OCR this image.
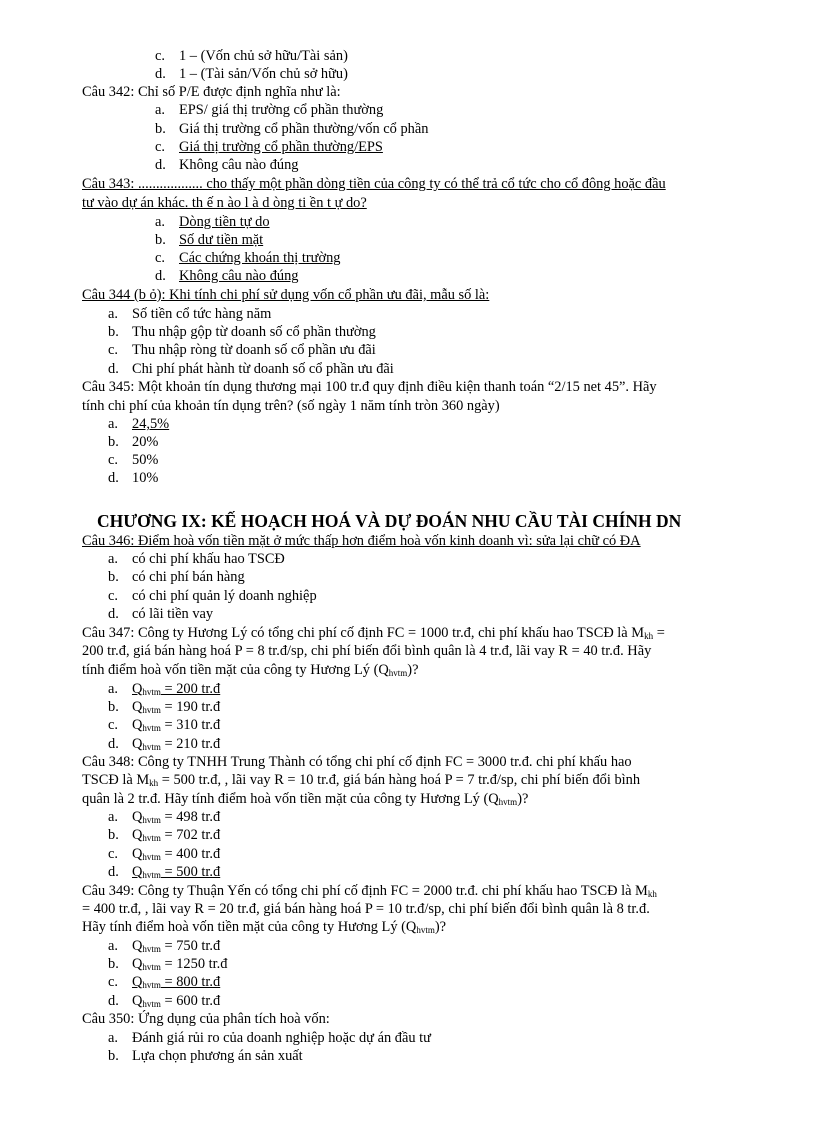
c. 1 – (Vốn chủ sở hữu/Tài sản)
d. 1 – (Tài sản/Vốn chủ sở hữu)
Câu 342: Chỉ số P/E được định nghĩa như là:
a. EPS/ giá thị trường cổ phần thường
b. Giá thị trường cổ phần thường/vốn cổ phần
c. Giá thị trường cổ phần thường/EPS
d. Không câu nào đúng
Câu 343: .................. cho thấy một phần dòng tiền của công ty có thể trả cổ tức cho cổ đông hoặc đầu
tư vào dự án khác. th ế n ào l à d òng ti ền t ự do?
a. Dòng tiền tự do
b. Số dư tiền mặt
c. Các chứng khoán thị trường
d. Không câu nào đúng
Câu 344 (b ỏ): Khi tính chi phí sử dụng vốn cổ phần ưu đãi, mẫu số là:
a. Số tiền cổ tức hàng năm
b. Thu nhập gộp từ doanh số cổ phần thường
c. Thu nhập ròng từ doanh số cổ phần ưu đãi
d. Chi phí phát hành từ doanh số cổ phần ưu đãi
Câu 345: Một khoản tín dụng thương mại 100 tr.đ quy định điều kiện thanh toán “2/15 net 45”. Hãy
tính chi phí của khoản tín dụng trên? (số ngày 1 năm tính tròn 360 ngày)
a. 24,5%
b. 20%
c. 50%
d. 10%
CHƯƠNG IX: KẾ HOẠCH HOÁ VÀ DỰ ĐOÁN NHU CẦU TÀI CHÍNH DN
Câu 346: Điểm hoà vốn tiền mặt ở mức thấp hơn điểm hoà vốn kinh doanh vì: sửa lại chữ có ĐA
a. có chi phí khấu hao TSCĐ
b. có chi phí bán hàng
c. có chi phí quản lý doanh nghiệp
d. có lãi tiền vay
Câu 347: Công ty Hương Lý có tổng chi phí cố định FC = 1000 tr.đ, chi phí khấu hao TSCĐ là $M_{kh}$ =
200 tr.đ, giá bán hàng hoá P = 8 tr.đ/sp, chi phí biến đổi bình quân là 4 tr.đ, lãi vay R = 40 tr.đ. Hãy
tính điểm hoà vốn tiền mặt của công ty Hương Lý $(Q_{hvtm})$?
a. $Q_{hvtm} = 200$ tr.đ
b. $Q_{hvtm} = 190$ tr.đ
c. $Q_{hvtm} = 310$ tr.đ
d. $Q_{hvtm} = 210$ tr.đ
Câu 348: Công ty TNHH Trung Thành có tổng chi phí cố định FC = 3000 tr.đ. chi phí khấu hao
TSCĐ là $M_{kh} = 500$ tr.đ, , lãi vay R = 10 tr.đ, giá bán hàng hoá P = 7 tr.đ/sp, chi phí biến đổi bình
quân là 2 tr.đ. Hãy tính điểm hoà vốn tiền mặt của công ty Hương Lý $(Q_{hvtm})$?
a. $Q_{hvtm} = 498$ tr.đ
b. $Q_{hvtm} = 702$ tr.đ
c. $Q_{hvtm} = 400$ tr.đ
d. $Q_{hvtm} = 500$ tr.đ
Câu 349: Công ty Thuận Yến có tổng chi phí cố định FC = 2000 tr.đ. chi phí khấu hao TSCĐ là $M_{kh}$
= 400 tr.đ, , lãi vay R = 20 tr.đ, giá bán hàng hoá P = 10 tr.đ/sp, chi phí biến đổi bình quân là 8 tr.đ.
Hãy tính điểm hoà vốn tiền mặt của công ty Hương Lý $(Q_{hvtm})$?
a. $Q_{hvtm} = 750$ tr.đ
b. $Q_{hvtm} = 1250$ tr.đ
c. $Q_{hvtm} = 800$ tr.đ
d. $Q_{hvtm} = 600$ tr.đ
Câu 350: Ứng dụng của phân tích hoà vốn:
a. Đánh giá rủi ro của doanh nghiệp hoặc dự án đầu tư
b. Lựa chọn phương án sản xuất
